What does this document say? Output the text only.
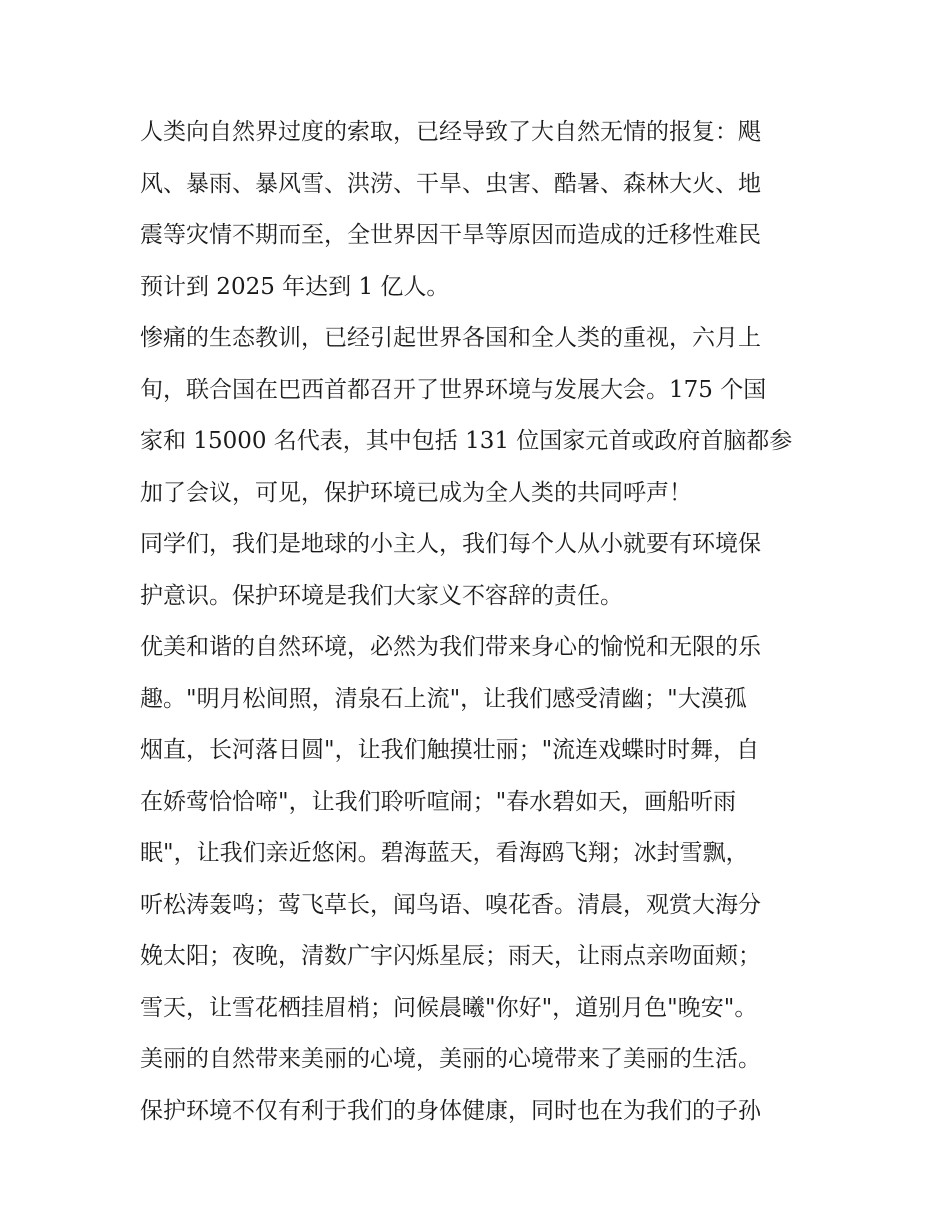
人类向自然界过度的索取，已经导致了大自然无情的报复：飓
风、暴雨、暴风雪、洪涝、干旱、虫害、酷暑、森林大火、地
震等灾情不期而至，全世界因干旱等原因而造成的迁移性难民
预计到 2025 年达到 1 亿人。
惨痛的生态教训，已经引起世界各国和全人类的重视，六月上
旬，联合国在巴西首都召开了世界环境与发展大会。175 个国
家和 15000 名代表，其中包括 131 位国家元首或政府首脑都参
加了会议，可见，保护环境已成为全人类的共同呼声！
同学们，我们是地球的小主人，我们每个人从小就要有环境保
护意识。保护环境是我们大家义不容辞的责任。
优美和谐的自然环境，必然为我们带来身心的愉悦和无限的乐
趣。"明月松间照，清泉石上流"，让我们感受清幽；"大漠孤
烟直，长河落日圆"，让我们触摸壮丽；"流连戏蝶时时舞，自
在娇莺恰恰啼"，让我们聆听喧闹；"春水碧如天，画船听雨
眠"，让我们亲近悠闲。碧海蓝天，看海鸥飞翔；冰封雪飘，
听松涛轰鸣；莺飞草长，闻鸟语、嗅花香。清晨，观赏大海分
娩太阳；夜晚，清数广宇闪烁星辰；雨天，让雨点亲吻面颊；
雪天，让雪花栖挂眉梢；问候晨曦"你好"，道别月色"晚安"。
美丽的自然带来美丽的心境，美丽的心境带来了美丽的生活。
保护环境不仅有利于我们的身体健康，同时也在为我们的子孙
